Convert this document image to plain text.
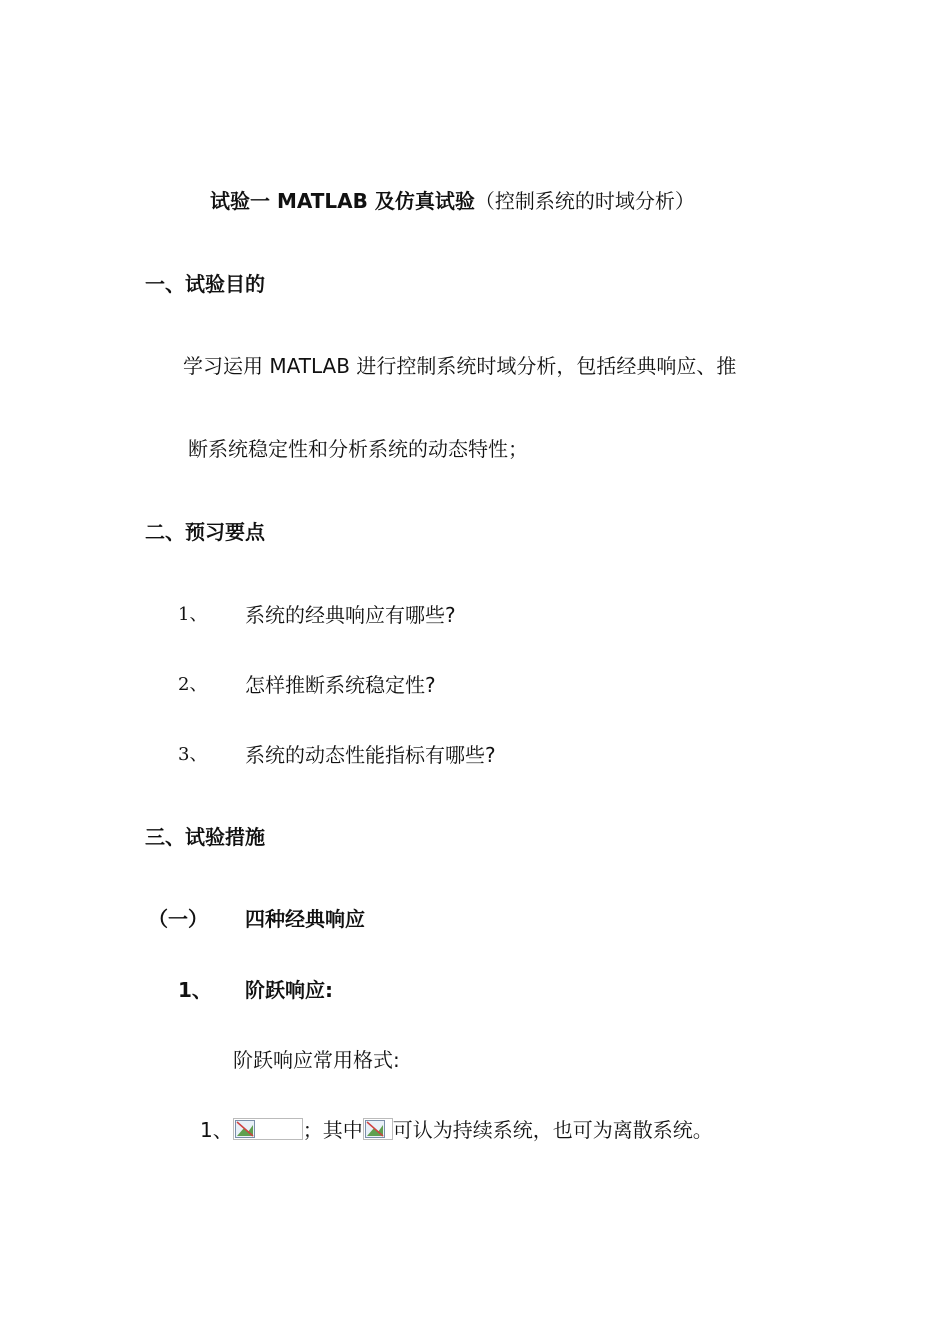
试验一 MATLAB 及仿真试验（控制系统的时域分析）
一、试验目的
学习运用 MATLAB 进行控制系统时域分析，包括经典响应、推
断系统稳定性和分析系统的动态特性；
二、预习要点
1、 系统的经典响应有哪些?
2、 怎样推断系统稳定性?
3、 系统的动态性能指标有哪些?
三、试验措施
（一） 四种经典响应
1、 阶跃响应:
阶跃响应常用格式:
1、	；其中 可认为持续系统，也可为离散系统。
